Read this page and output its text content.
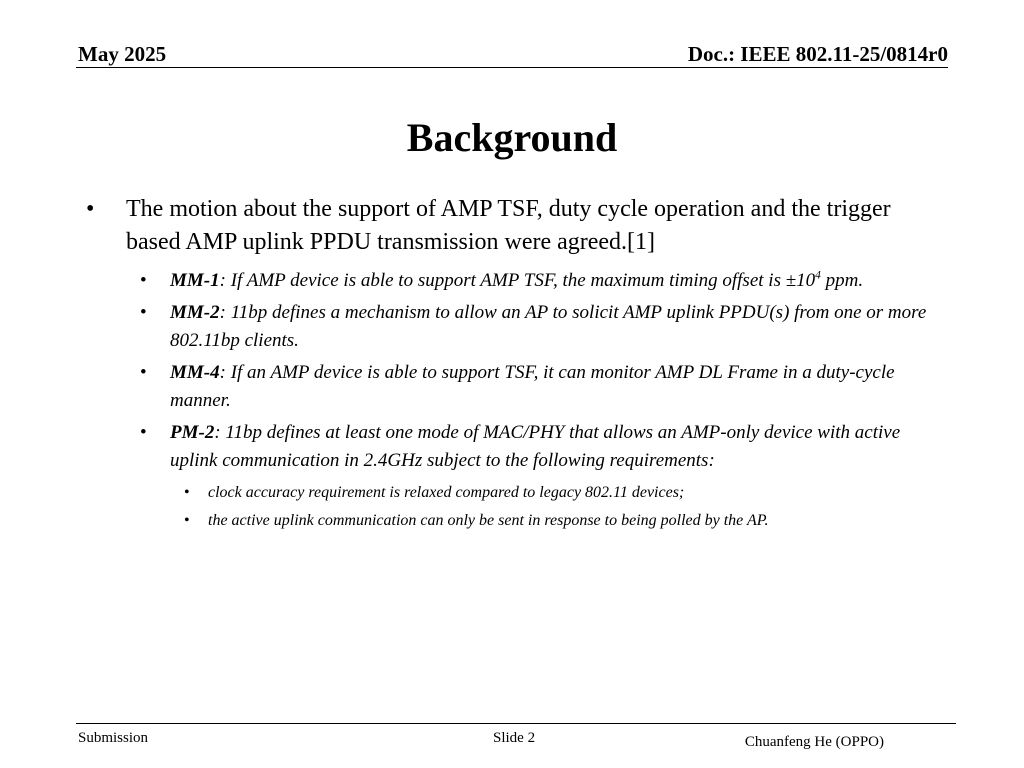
May 2025	Doc.: IEEE 802.11-25/0814r0
Background
• The motion about the support of AMP TSF, duty cycle operation and the trigger based AMP uplink PPDU transmission were agreed.[1]
• MM-1: If AMP device is able to support AMP TSF, the maximum timing offset is $\pm 10^4$ ppm.
• MM-2: 11bp defines a mechanism to allow an AP to solicit AMP uplink PPDU(s) from one or more 802.11bp clients.
• MM-4: If an AMP device is able to support TSF, it can monitor AMP DL Frame in a duty-cycle manner.
• PM-2: 11bp defines at least one mode of MAC/PHY that allows an AMP-only device with active uplink communication in 2.4GHz subject to the following requirements:
• clock accuracy requirement is relaxed compared to legacy 802.11 devices;
• the active uplink communication can only be sent in response to being polled by the AP.
Submission	Slide 2	Chuanfeng He (OPPO)
